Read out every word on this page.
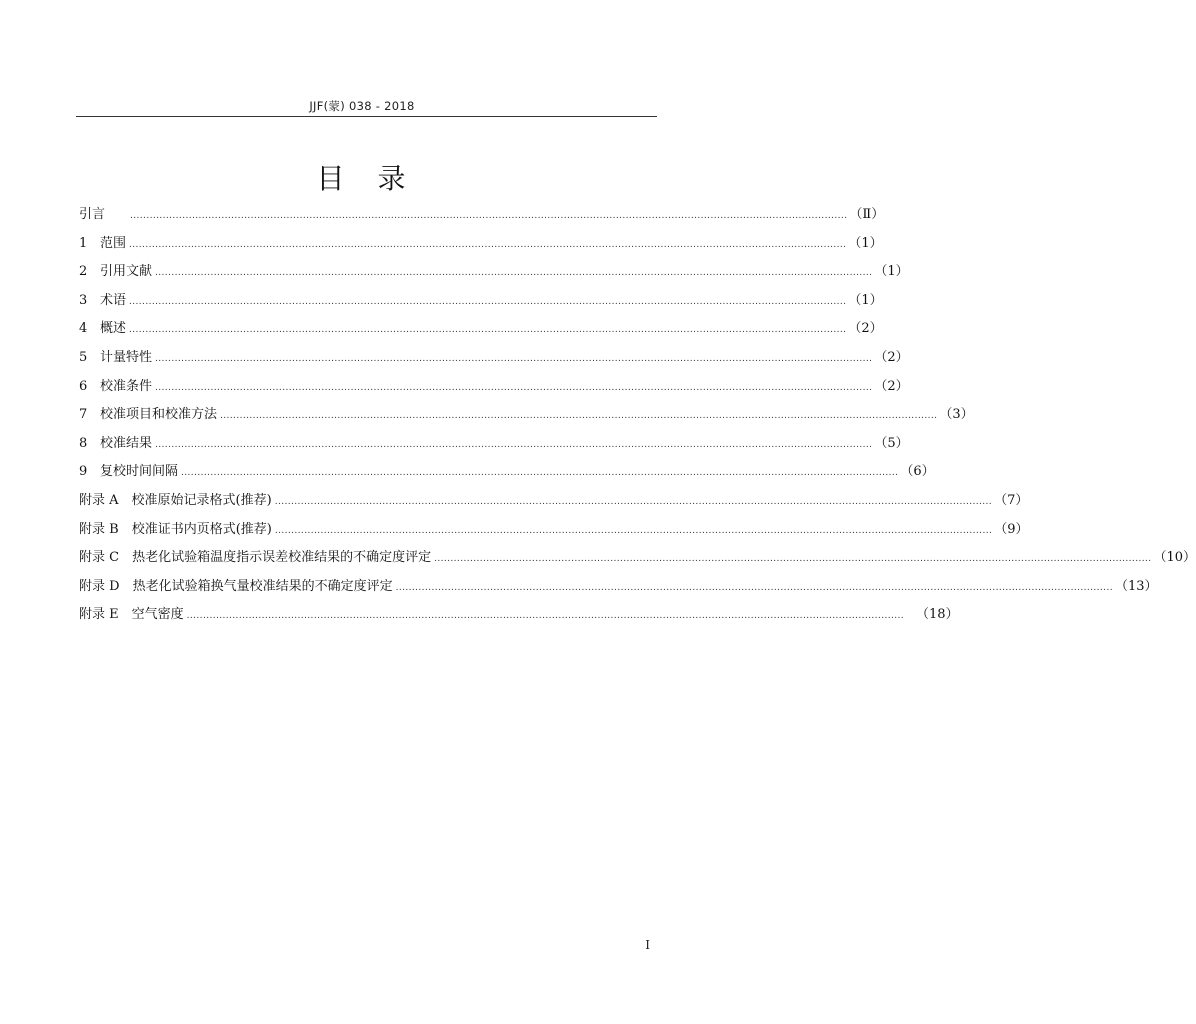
JJF(蒙) 038 - 2018
目 录
引言	............................................................................................................................................................................................................................ （Ⅱ）
1 范围 ............................................................................................................................................................................................................................ （1）
2 引用文献 ............................................................................................................................................................................................................................ （1）
3 术语 ............................................................................................................................................................................................................................ （1）
4 概述 ............................................................................................................................................................................................................................ （2）
5 计量特性 ............................................................................................................................................................................................................................ （2）
6 校准条件 ............................................................................................................................................................................................................................ （2）
7 校准项目和校准方法 ............................................................................................................................................................................................................................ （3）
8 校准结果 ............................................................................................................................................................................................................................ （5）
9 复校时间间隔 ............................................................................................................................................................................................................................ （6）
附录 A 校准原始记录格式(推荐) ............................................................................................................................................................................................................................ （7）
附录 B 校准证书内页格式(推荐) ............................................................................................................................................................................................................................ （9）
附录 C 热老化试验箱温度指示误差校准结果的不确定度评定 ............................................................................................................................................................................................................................ （10）
附录 D 热老化试验箱换气量校准结果的不确定度评定 ............................................................................................................................................................................................................................ （13）
附录 E 空气密度 ............................................................................................................................................................................................................................ （18）
I
